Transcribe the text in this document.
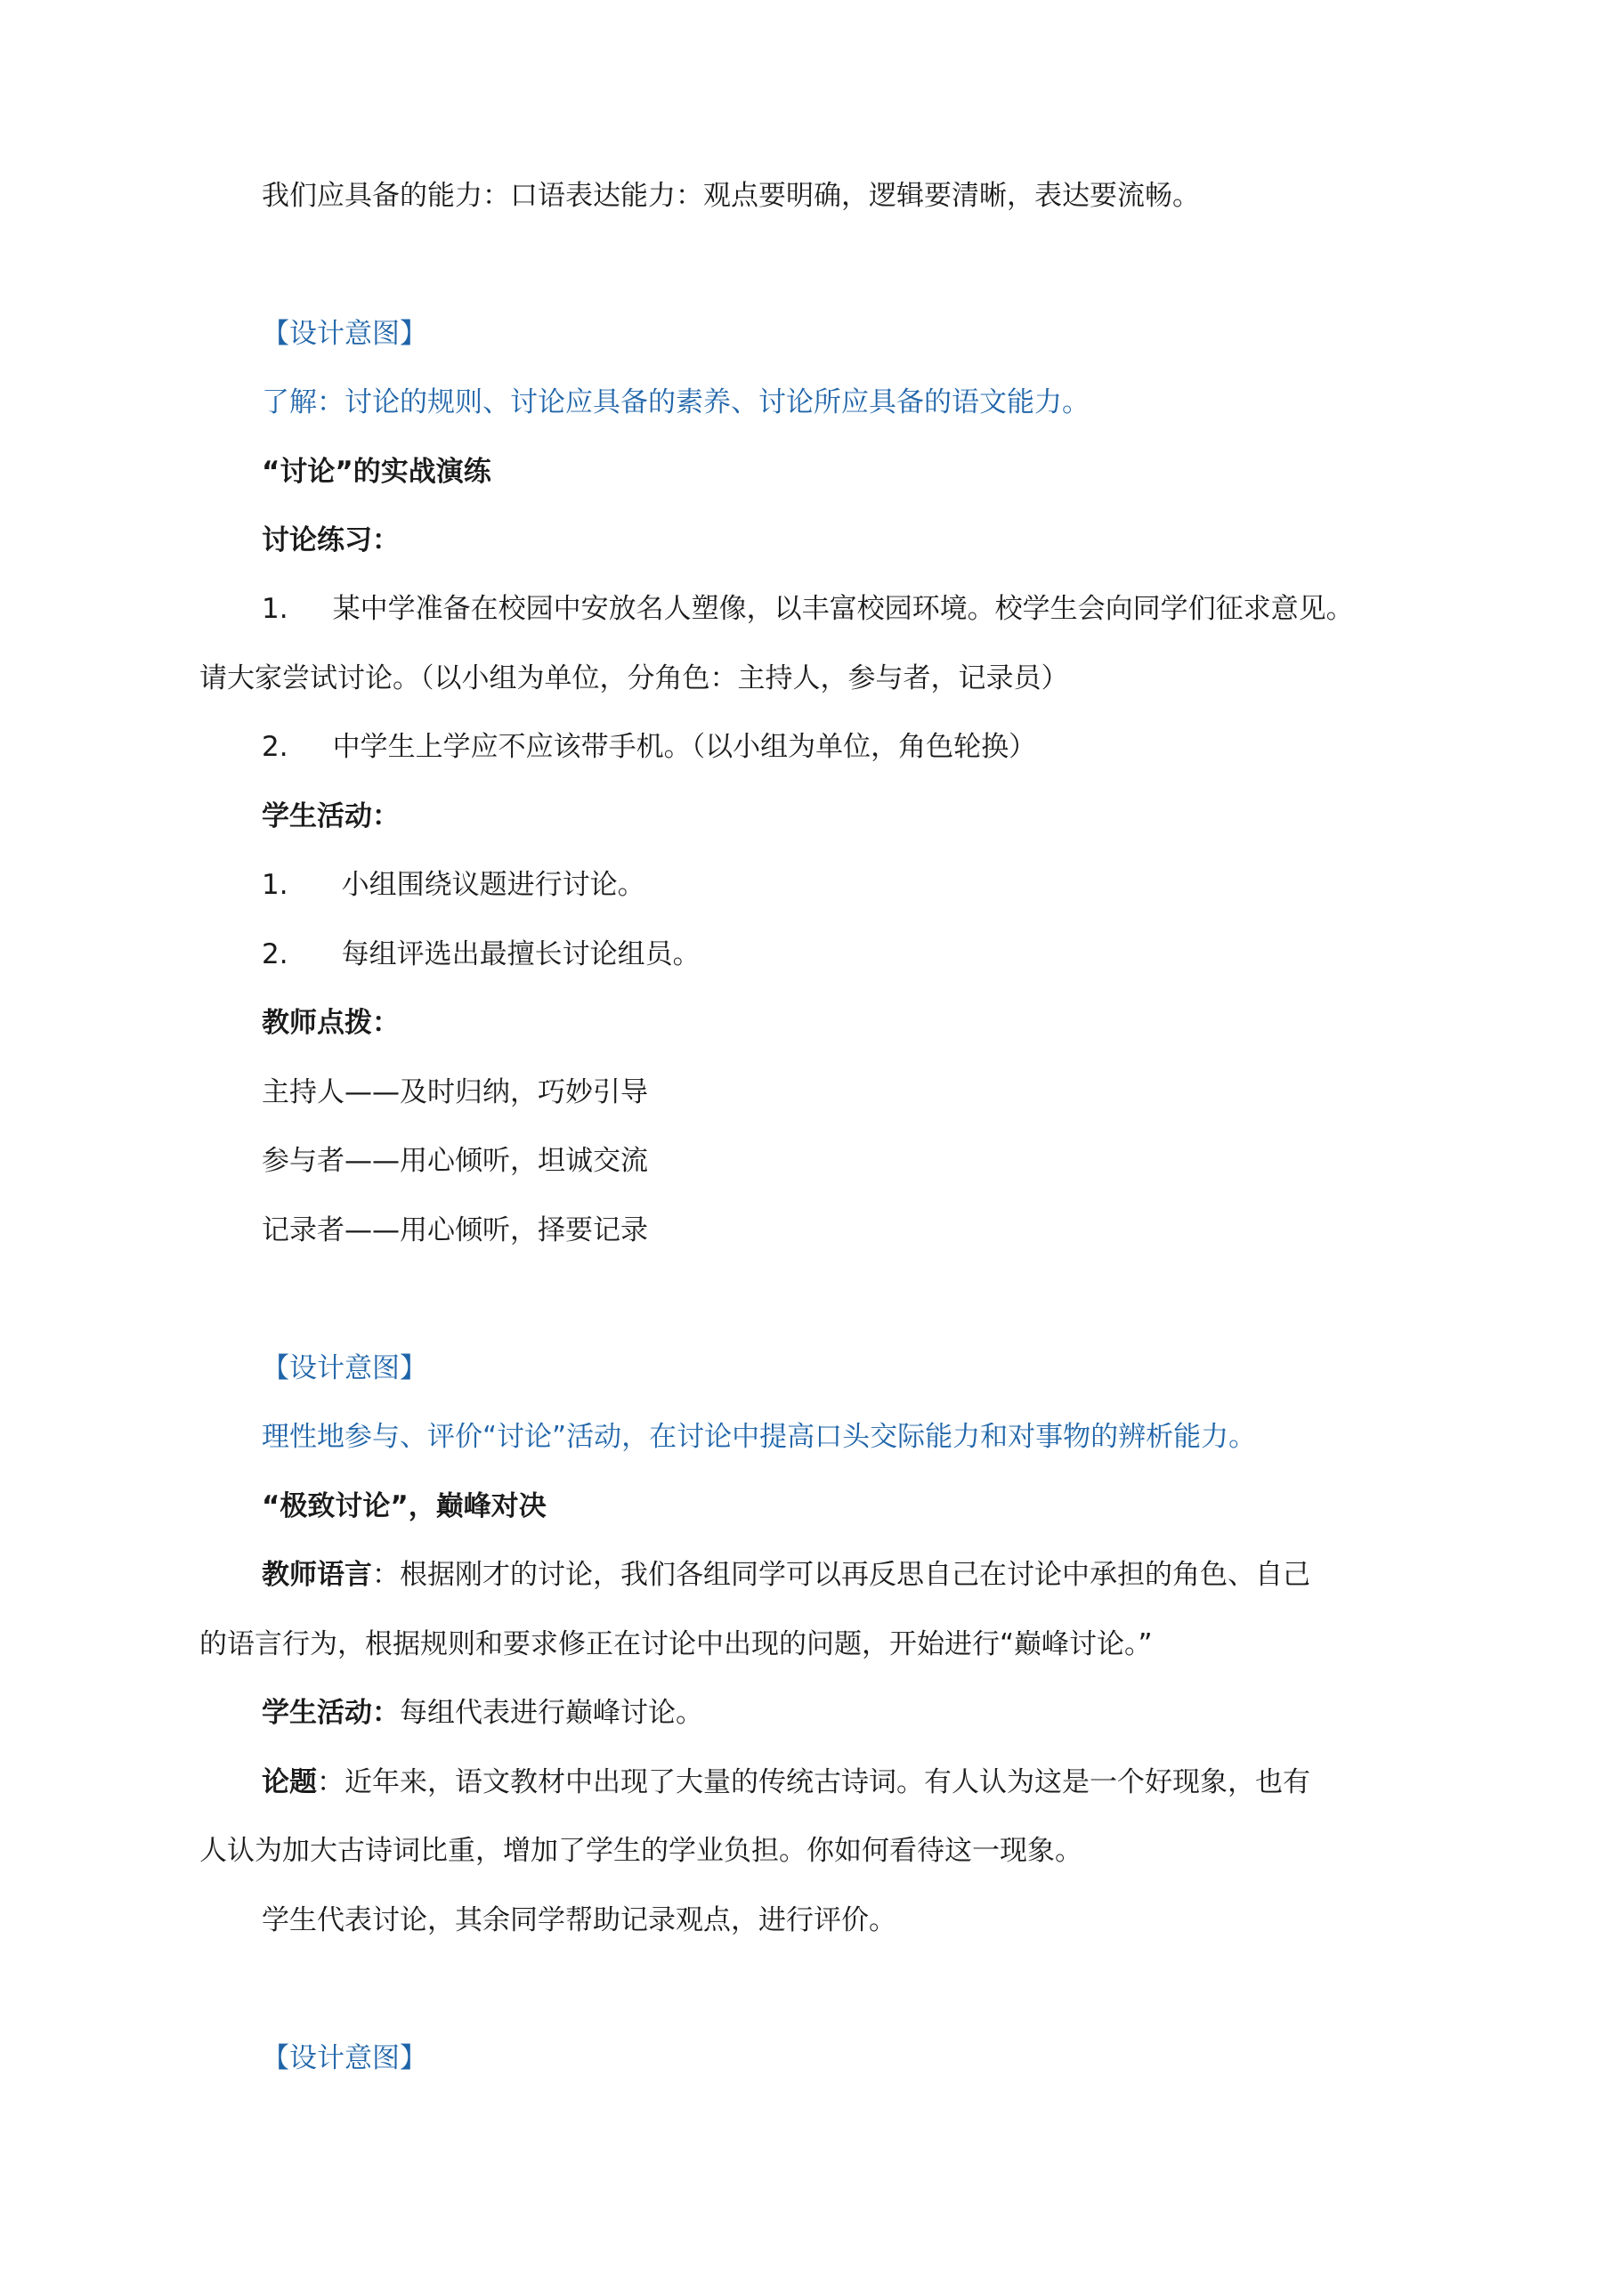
我们应具备的能力：口语表达能力：观点要明确，逻辑要清晰，表达要流畅。
【设计意图】
了解：讨论的规则、讨论应具备的素养、讨论所应具备的语文能力。
“讨论”的实战演练
讨论练习：
1. 某中学准备在校园中安放名人塑像，以丰富校园环境。校学生会向同学们征求意见。
请大家尝试讨论。（以小组为单位，分角色：主持人，参与者，记录员）
2. 中学生上学应不应该带手机。（以小组为单位，角色轮换）
学生活动：
1. 小组围绕议题进行讨论。
2. 每组评选出最擅长讨论组员。
教师点拨：
主持人——及时归纳，巧妙引导
参与者——用心倾听，坦诚交流
记录者——用心倾听，择要记录
【设计意图】
理性地参与、评价“讨论”活动，在讨论中提高口头交际能力和对事物的辨析能力。
“极致讨论”，巅峰对决
教师语言：根据刚才的讨论，我们各组同学可以再反思自己在讨论中承担的角色、自己
的语言行为，根据规则和要求修正在讨论中出现的问题，开始进行“巅峰讨论。”
学生活动：每组代表进行巅峰讨论。
论题：近年来，语文教材中出现了大量的传统古诗词。有人认为这是一个好现象，也有
人认为加大古诗词比重，增加了学生的学业负担。你如何看待这一现象。
学生代表讨论，其余同学帮助记录观点，进行评价。
【设计意图】
